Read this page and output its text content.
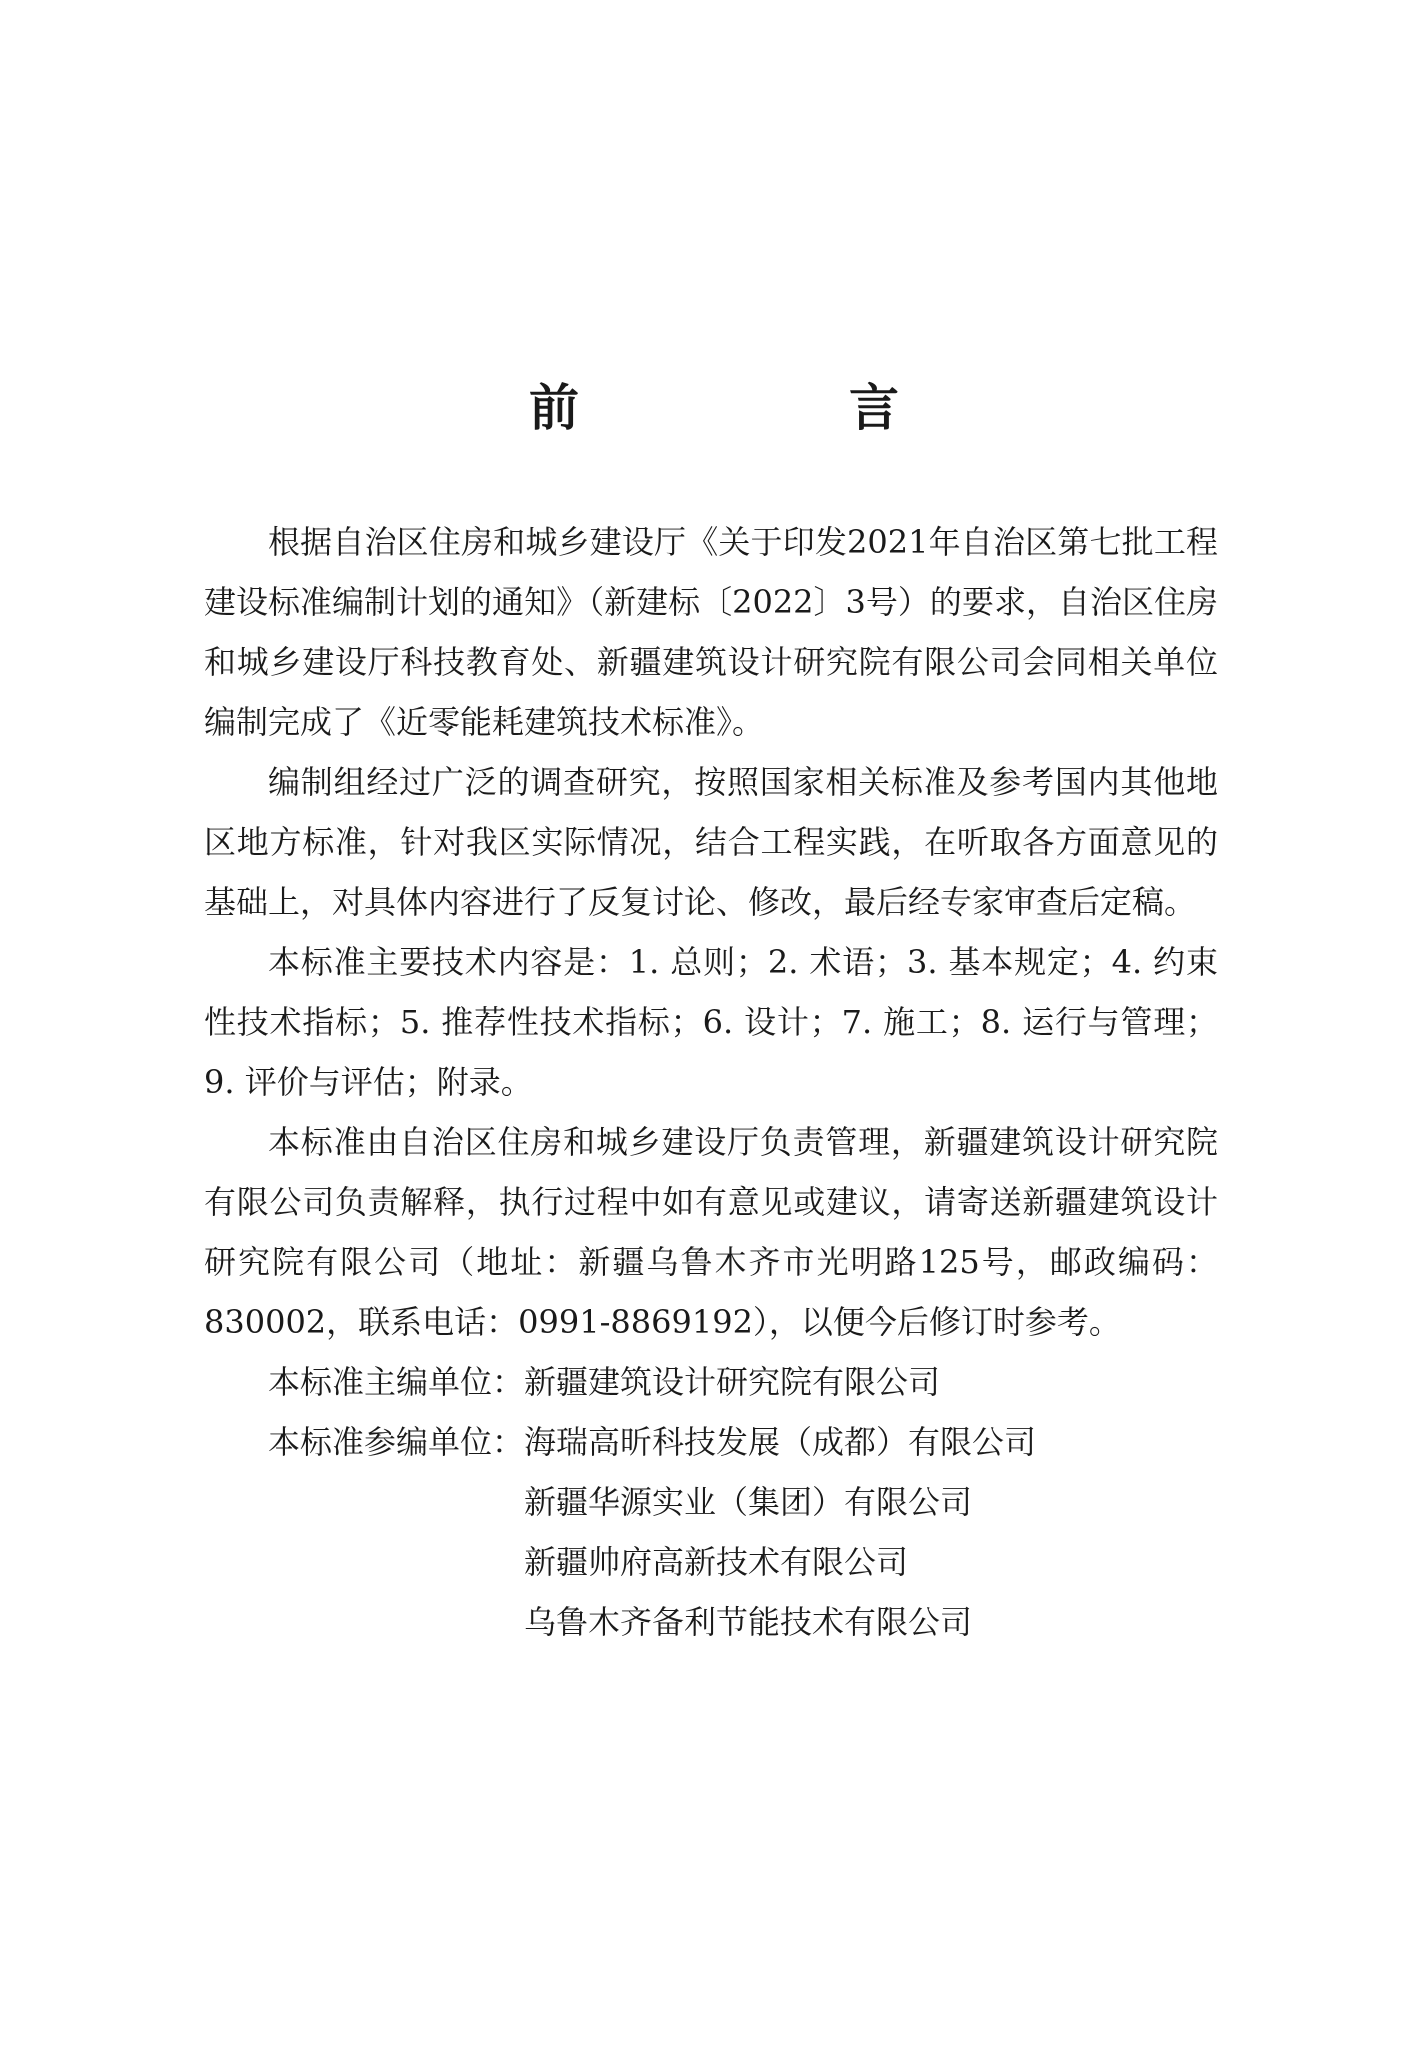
前　言

根据自治区住房和城乡建设厅《关于印发2021年自治区第七批工程建设标准编制计划的通知》（新建标〔2022〕3号）的要求，自治区住房和城乡建设厅科技教育处、新疆建筑设计研究院有限公司会同相关单位编制完成了《近零能耗建筑技术标准》。

编制组经过广泛的调查研究，按照国家相关标准及参考国内其他地区地方标准，针对我区实际情况，结合工程实践，在听取各方面意见的基础上，对具体内容进行了反复讨论、修改，最后经专家审查后定稿。

本标准主要技术内容是：1. 总则；2. 术语；3. 基本规定；4. 约束性技术指标；5. 推荐性技术指标；6. 设计；7. 施工；8. 运行与管理；9. 评价与评估；附录。

本标准由自治区住房和城乡建设厅负责管理，新疆建筑设计研究院有限公司负责解释，执行过程中如有意见或建议，请寄送新疆建筑设计研究院有限公司（地址：新疆乌鲁木齐市光明路125号，邮政编码：830002，联系电话：0991-8869192），以便今后修订时参考。

本标准主编单位： 新疆建筑设计研究院有限公司
本标准参编单位： 海瑞高昕科技发展（成都）有限公司
新疆华源实业（集团）有限公司
新疆帅府高新技术有限公司
乌鲁木齐备利节能技术有限公司
